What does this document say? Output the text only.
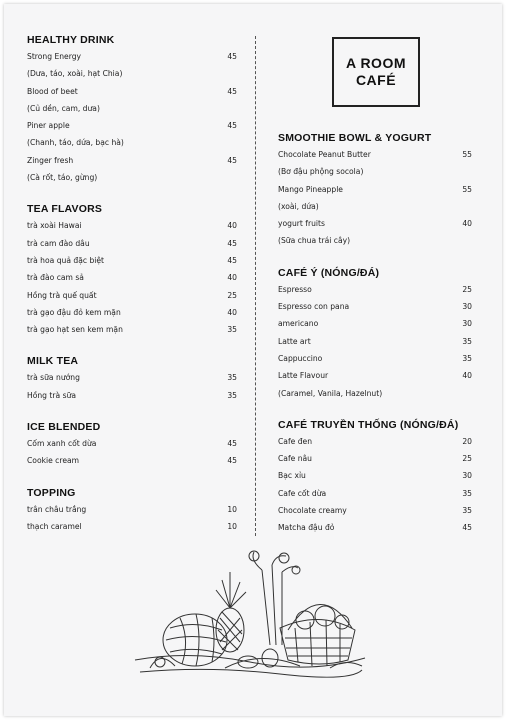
HEALTHY DRINK
Strong Energy	45
(Dưa, táo, xoài, hạt Chia)
Blood of beet	45
(Củ dền, cam, dưa)
Piner apple	45
(Chanh, táo, dứa, bạc hà)
Zinger fresh	45
(Cà rốt, táo, gừng)
TEA FLAVORS
trà xoài Hawai	40
trà cam đào dâu	45
trà hoa quả đặc biệt	45
trà đào cam sả	40
Hồng trà quế quất	25
trà gạo đậu đỏ kem mặn	40
trà gạo hạt sen kem mặn	35
MILK TEA
trà sữa nướng	35
Hồng trà sữa	35
ICE BLENDED
Cốm xanh cốt dừa	45
Cookie cream	45
TOPPING
trân châu trắng	10
thạch caramel	10
A ROOM
CAFÉ
SMOOTHIE BOWL & YOGURT
Chocolate Peanut Butter	55
(Bơ đậu phộng socola)
Mango Pineapple	55
(xoài, dứa)
yogurt fruits	40
(Sữa chua trái cây)
CAFÉ Ý (NÓNG/ĐÁ)
Espresso	25
Espresso con pana	30
americano	30
Latte art	35
Cappuccino	35
Latte Flavour	40
(Caramel, Vanila, Hazelnut)
CAFÉ TRUYỀN THỐNG (NÓNG/ĐÁ)
Cafe đen	20
Cafe nâu	25
Bạc xỉu	30
Cafe cốt dừa	35
Chocolate creamy	35
Matcha đậu đỏ	45
